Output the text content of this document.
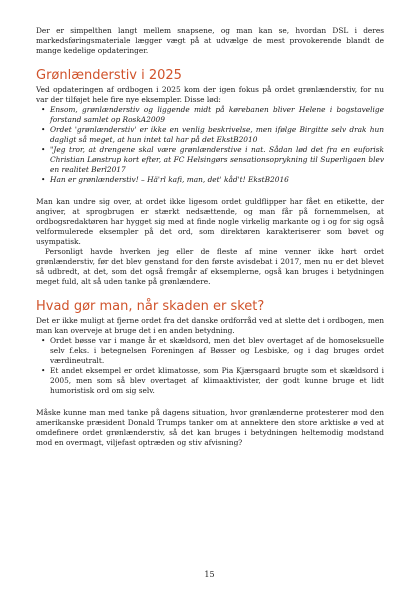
Der er simpelthen langt mellem snapsene, og man kan se, hvordan DSL i deres markedsføringsmateriale lægger vægt på at udvælge de mest provokerende blandt de mange kedelige opdateringer.

Grønlænderstiv i 2025

Ved opdateringen af ordbogen i 2025 kom der igen fokus på ordet grønlænderstiv, for nu var der tilføjet hele fire nye eksempler. Disse lød:

• Ensom, grønlænderstiv og liggende midt på kørebanen bliver Helene i bogstavelige forstand samlet op RoskA2009
• Ordet 'grønlænderstiv' er ikke en venlig beskrivelse, men ifølge Birgitte selv drak hun dagligt så meget, at hun intet tal har på det EkstB2010
• "Jeg tror, at drengene skal være grønlænderstive i nat. Sådan lød det fra en euforisk Christian Lønstrup kort efter, at FC Helsingørs sensationsoprykning til Superligaen blev en realitet Berl2017
• Han er grønlænderstiv! – Hä'rl kafi, man, det' kåd't! EkstB2016

Man kan undre sig over, at ordet ikke ligesom ordet guldflipper har fået en etikette, der angiver, at sprogbrugen er stærkt nedsættende, og man får på fornemmelsen, at ordbogsredaktøren har hygget sig med at finde nogle virkelig markante og i og for sig også velformulerede eksempler på det ord, som direktøren karakteriserer som bøvet og usympatisk.

Personligt havde hverken jeg eller de fleste af mine venner ikke hørt ordet grønlænderstiv, før det blev genstand for den første avisdebat i 2017, men nu er det blevet så udbredt, at det, som det også fremgår af eksemplerne, også kan bruges i betydningen meget fuld, alt så uden tanke på grønlændere.

Hvad gør man, når skaden er sket?

Det er ikke muligt at fjerne ordet fra det danske ordforråd ved at slette det i ordbogen, men man kan overveje at bruge det i en anden betydning.

• Ordet bøsse var i mange år et skældsord, men det blev overtaget af de homoseksuelle selv f.eks. i betegnelsen Foreningen af Bøsser og Lesbiske, og i dag bruges ordet værdineutralt.
• Et andet eksempel er ordet klimatosse, som Pia Kjærsgaard brugte som et skældsord i 2005, men som så blev overtaget af klimaaktivister, der godt kunne bruge et lidt humoristisk ord om sig selv.

Måske kunne man med tanke på dagens situation, hvor grønlænderne protesterer mod den amerikanske præsident Donald Trumps tanker om at annektere den store arktiske ø ved at omdefinere ordet grønlænderstiv, så det kan bruges i betydningen heltemodig modstand mod en overmagt, viljefast optræden og stiv afvisning?

15
